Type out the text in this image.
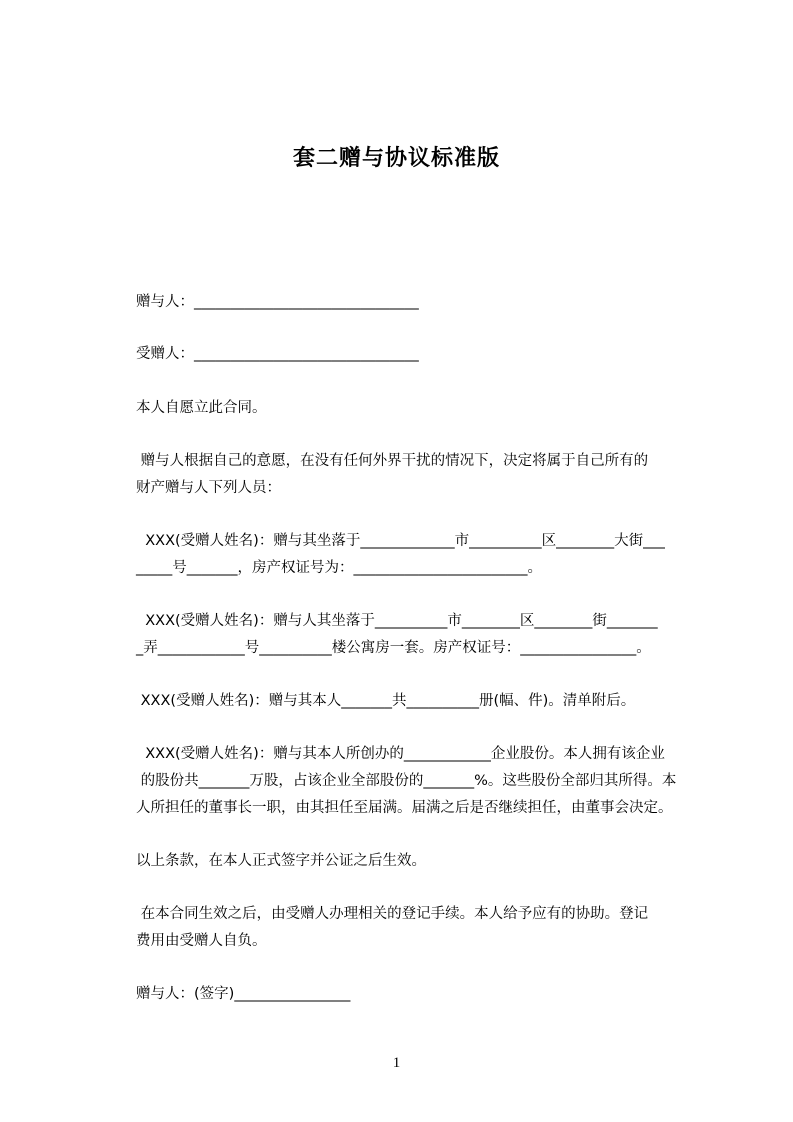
套二赠与协议标准版
赠与人：_______________________________
受赠人：_______________________________
本人自愿立此合同。
赠与人根据自己的意愿，在没有任何外界干扰的情况下，决定将属于自己所有的
财产赠与人下列人员：
XXX(受赠人姓名)：赠与其坐落于_____________市__________区________大街___
_____号_______，房产权证号为：________________________。
XXX(受赠人姓名)：赠与人其坐落于__________市________区________街_______
_弄____________号__________楼公寓房一套。房产权证号：________________。
XXX(受赠人姓名)：赠与其本人_______共__________册(幅、件)。清单附后。
XXX(受赠人姓名)：赠与其本人所创办的____________企业股份。本人拥有该企业
的股份共_______万股，占该企业全部股份的_______%。这些股份全部归其所得。本
人所担任的董事长一职，由其担任至届满。届满之后是否继续担任，由董事会决定。
以上条款，在本人正式签字并公证之后生效。
在本合同生效之后，由受赠人办理相关的登记手续。本人给予应有的协助。登记
费用由受赠人自负。
赠与人：(签字)________________
1
